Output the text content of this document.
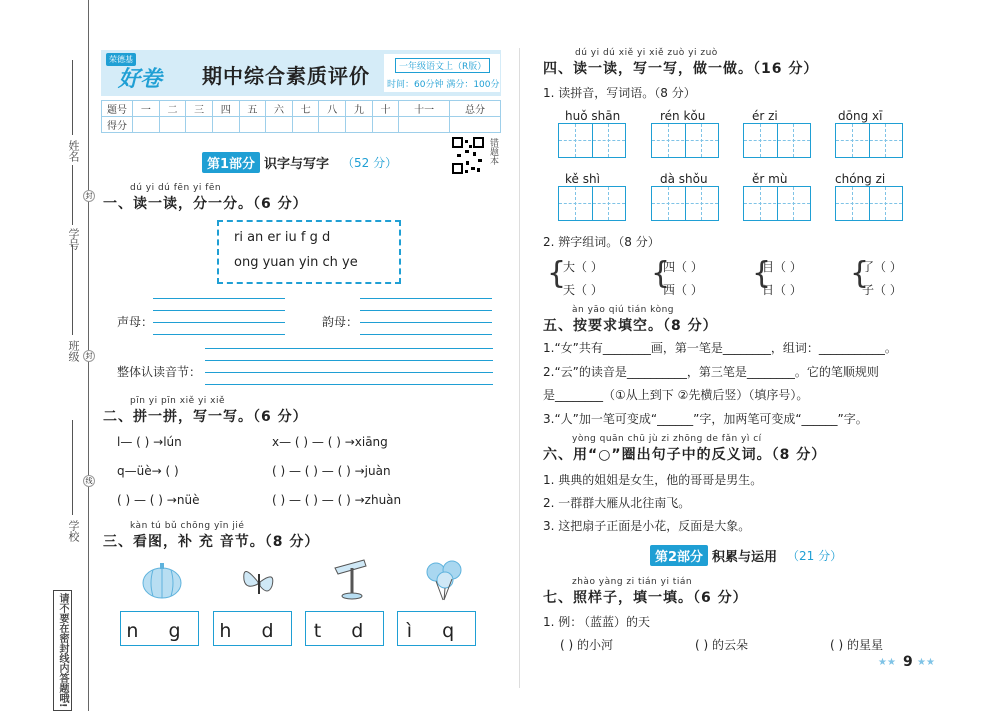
请不要在密封线内答题哦!
学校
班级
学号
姓名
封
封
线
荣德基
好卷 期中综合素质评价	一年级语文上（R版）
时间：60分钟 满分：100分
题号	一	二	三	四	五	六	七	八	九	十	十一	总分
得分												
错题本
第1部分 识字与写字 （52 分）
dú yi dú fēn yi fēn
一、读一读，分一分。（6 分）
ri an er iu f g d
ong yuan yin ch ye
声母：	韵母：
整体认读音节：
pīn yi pīn xiě yi xiě
二、拼一拼，写一写。（6 分）
l— ( ) →lún	x— ( ) — ( ) →xiāng
q—üè→ ( )	( ) — ( ) — ( ) →juàn
( ) — ( ) →nüè	( ) — ( ) — ( ) →zhuàn
kàn tú bǔ chōng yīn jié
三、看图，补 充 音节。（8 分）
n g h d	t d	ì q
dú yi dú xiě yi xiě zuò yi zuò
四、读一读，写一写，做一做。（16 分）
1. 读拼音，写词语。（8 分）
huǒ shān	rén kǒu	ér zi	dōng xī
kě shì	dà shǒu	ěr mù	chóng zi
2. 辨字组词。（8 分）
{
大（ ）
天（ ） {
四（ ）
西（ ） {
目（ ）
日（ ） {
了（ ）
子（ ）
àn yāo qiú tián kòng
五、按要求填空。（8 分）
1.“女”共有________画，第一笔是________，组词：___________。
2.“云”的读音是__________，第三笔是________。它的笔顺规则
是________（①从上到下 ②先横后竖）（填序号）。
3.“人”加一笔可变成“______”字，加两笔可变成“______”字。
yòng quān chū jù zi zhōng de fǎn yì cí
六、用“○”圈出句子中的反义词。（8 分）
1. 典典的姐姐是女生，他的哥哥是男生。
2. 一群群大雁从北往南飞。
3. 这把扇子正面是小花，反面是大象。
第2部分 积累与运用 （21 分）
zhào yàng zi tián yi tián
七、照样子，填一填。（6 分）
1. 例：
（蓝蓝）的天
( ) 的小河	( ) 的云朵	( ) 的星星
★★ 9 ★★
